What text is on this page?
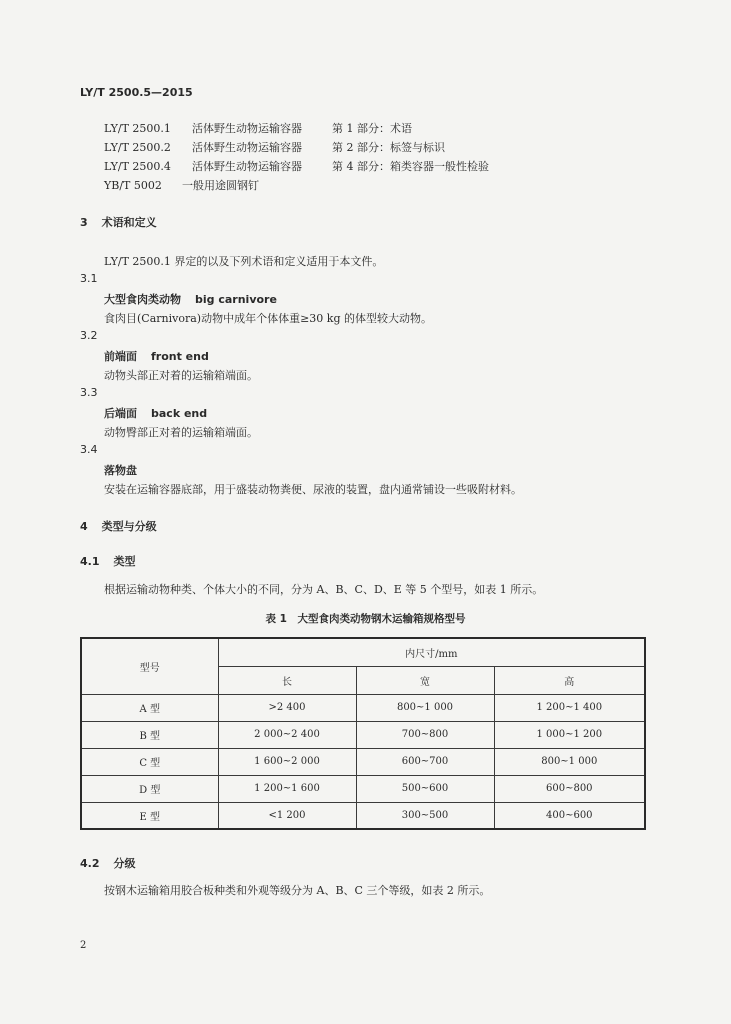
LY/T 2500.5—2015
LY/T 2500.1 活体野生动物运输容器	第 1 部分：术语
LY/T 2500.2 活体野生动物运输容器	第 2 部分：标签与标识
LY/T 2500.4 活体野生动物运输容器	第 4 部分：箱类容器一般性检验
YB/T 5002 一般用途圆钢钉
3 术语和定义
LY/T 2500.1 界定的以及下列术语和定义适用于本文件。
3.1
大型食肉类动物 big carnivore
食肉目(Carnivora)动物中成年个体体重≥30 kg 的体型较大动物。
3.2
前端面 front end
动物头部正对着的运输箱端面。
3.3
后端面 back end
动物臀部正对着的运输箱端面。
3.4
落物盘
安装在运输容器底部，用于盛装动物粪便、尿液的装置，盘内通常铺设一些吸附材料。
4 类型与分级
4.1 类型
根据运输动物种类、个体大小的不同，分为 A、B、C、D、E 等 5 个型号，如表 1 所示。
表 1　大型食肉类动物钢木运输箱规格型号
型号	内尺寸/mm		
	长	宽	高
A 型	>2 400	800~1 000	1 200~1 400
B 型	2 000~2 400	700~800	1 000~1 200
C 型	1 600~2 000	600~700	800~1 000
D 型	1 200~1 600	500~600	600~800
E 型	<1 200	300~500	400~600
4.2 分级
按钢木运输箱用胶合板种类和外观等级分为 A、B、C 三个等级，如表 2 所示。
2
